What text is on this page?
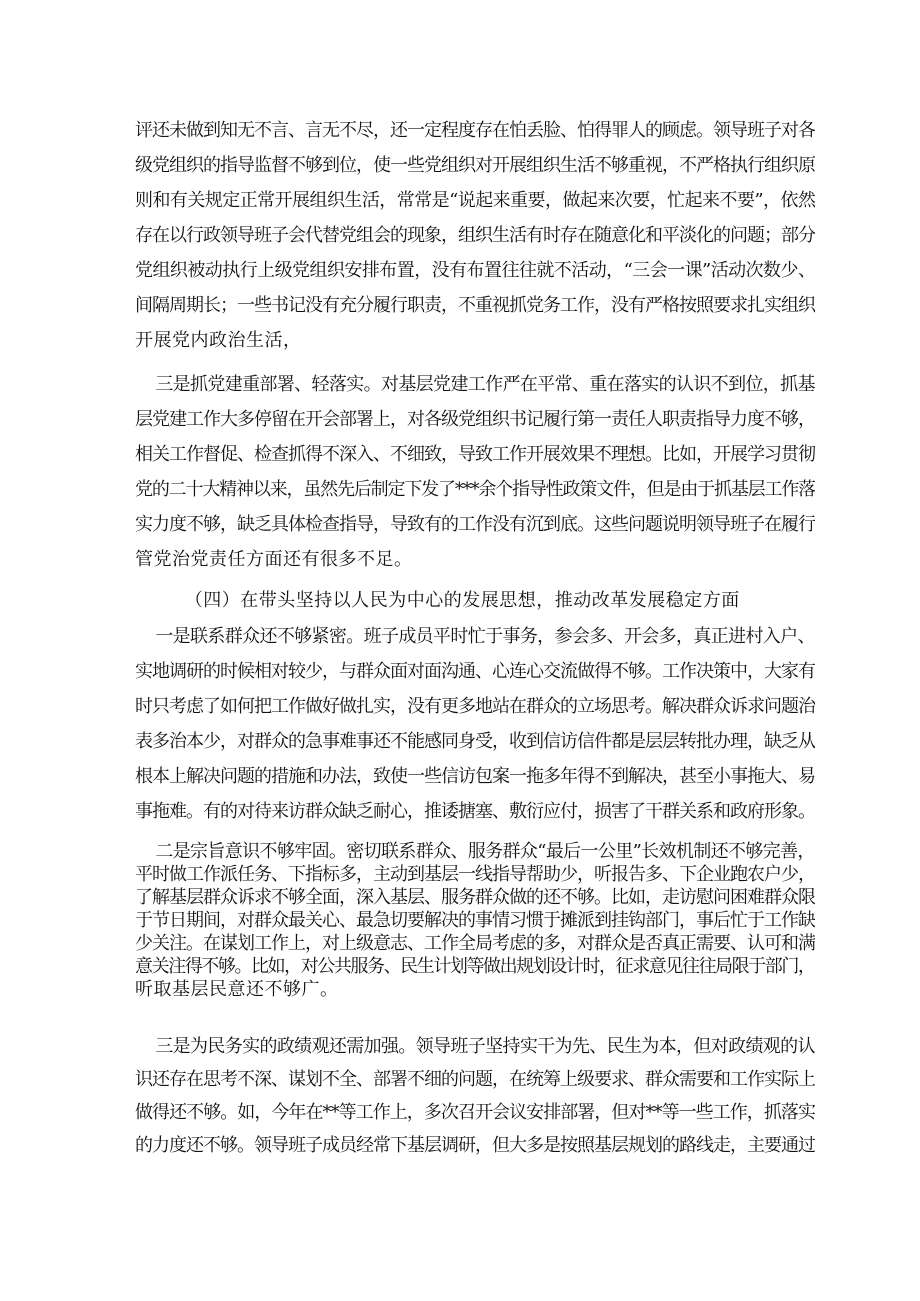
评还未做到知无不言、言无不尽，还一定程度存在怕丢脸、怕得罪人的顾虑。领导班子对各
级党组织的指导监督不够到位，使一些党组织对开展组织生活不够重视，不严格执行组织原
则和有关规定正常开展组织生活，常常是“说起来重要，做起来次要，忙起来不要”，依然
存在以行政领导班子会代替党组会的现象，组织生活有时存在随意化和平淡化的问题；部分
党组织被动执行上级党组织安排布置，没有布置往往就不活动，“三会一课”活动次数少、
间隔周期长；一些书记没有充分履行职责，不重视抓党务工作，没有严格按照要求扎实组织
开展党内政治生活，
三是抓党建重部署、轻落实。对基层党建工作严在平常、重在落实的认识不到位，抓基
层党建工作大多停留在开会部署上，对各级党组织书记履行第一责任人职责指导力度不够，
相关工作督促、检查抓得不深入、不细致，导致工作开展效果不理想。比如，开展学习贯彻
党的二十大精神以来，虽然先后制定下发了***余个指导性政策文件，但是由于抓基层工作落
实力度不够，缺乏具体检查指导，导致有的工作没有沉到底。这些问题说明领导班子在履行
管党治党责任方面还有很多不足。
（四）在带头坚持以人民为中心的发展思想，推动改革发展稳定方面
一是联系群众还不够紧密。班子成员平时忙于事务，参会多、开会多，真正进村入户、
实地调研的时候相对较少，与群众面对面沟通、心连心交流做得不够。工作决策中，大家有
时只考虑了如何把工作做好做扎实，没有更多地站在群众的立场思考。解决群众诉求问题治
表多治本少，对群众的急事难事还不能感同身受，收到信访信件都是层层转批办理，缺乏从
根本上解决问题的措施和办法，致使一些信访包案一拖多年得不到解决，甚至小事拖大、易
事拖难。有的对待来访群众缺乏耐心，推诿搪塞、敷衍应付，损害了干群关系和政府形象。
二是宗旨意识不够牢固。密切联系群众、服务群众“最后一公里”长效机制还不够完善，
平时做工作派任务、下指标多，主动到基层一线指导帮助少，听报告多、下企业跑农户少，
了解基层群众诉求不够全面，深入基层、服务群众做的还不够。比如，走访慰问困难群众限
于节日期间，对群众最关心、最急切要解决的事情习惯于摊派到挂钩部门，事后忙于工作缺
少关注。在谋划工作上，对上级意志、工作全局考虑的多，对群众是否真正需要、认可和满
意关注得不够。比如，对公共服务、民生计划等做出规划设计时，征求意见往往局限于部门，
听取基层民意还不够广。
三是为民务实的政绩观还需加强。领导班子坚持实干为先、民生为本，但对政绩观的认
识还存在思考不深、谋划不全、部署不细的问题，在统筹上级要求、群众需要和工作实际上
做得还不够。如，今年在**等工作上，多次召开会议安排部署，但对**等一些工作，抓落实
的力度还不够。领导班子成员经常下基层调研，但大多是按照基层规划的路线走，主要通过
